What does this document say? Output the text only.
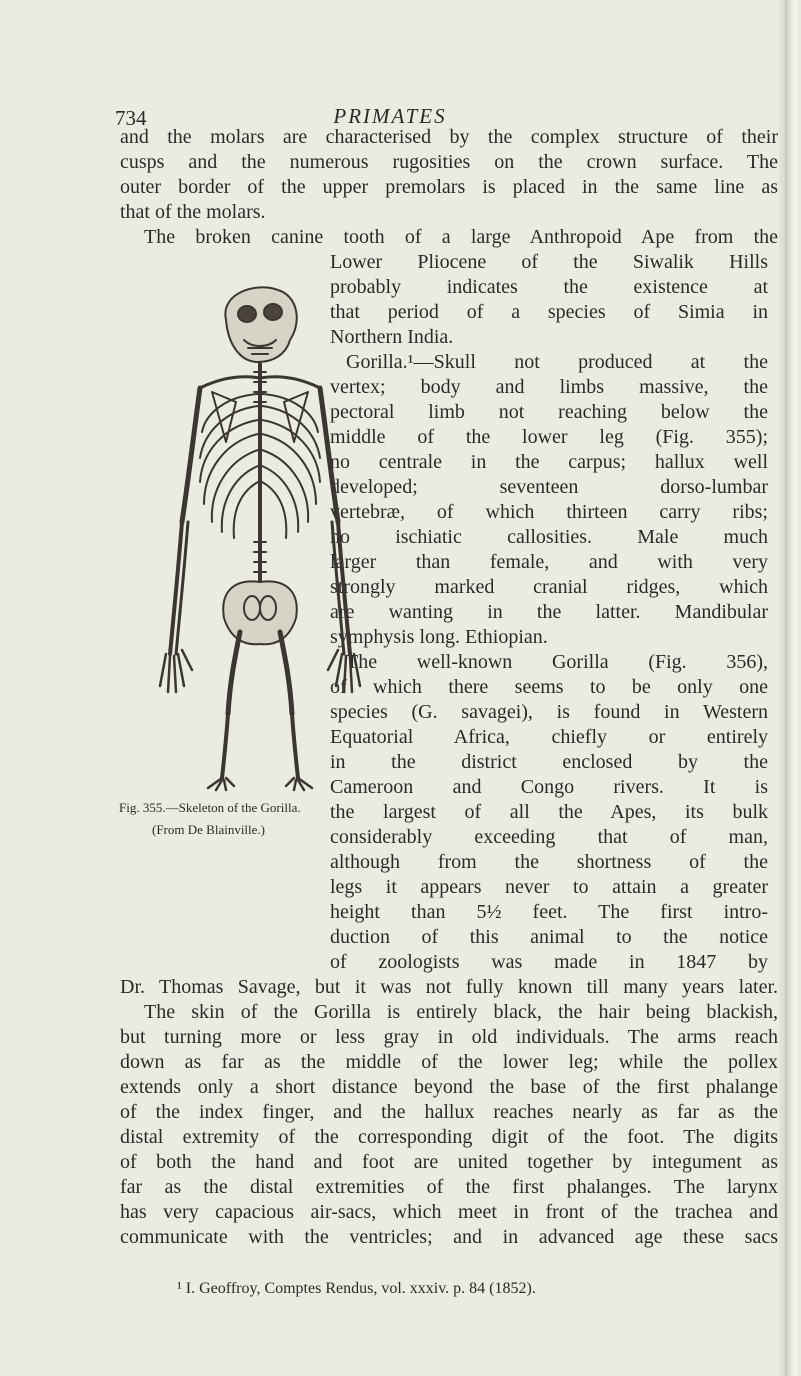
PRIMATES
734
and the molars are characterised by the complex structure of their
cusps and the numerous rugosities on the crown surface. The
outer border of the upper premolars is placed in the same line as
that of the molars.
The broken canine tooth of a large Anthropoid Ape from the
Lower Pliocene of the Siwalik Hills
probably indicates the existence at
that period of a species of Simia in
Northern India.
Gorilla.¹—Skull not produced at the
vertex; body and limbs massive, the
pectoral limb not reaching below the
middle of the lower leg (Fig. 355);
no centrale in the carpus; hallux well
developed; seventeen dorso-lumbar
vertebræ, of which thirteen carry ribs;
no ischiatic callosities. Male much
larger than female, and with very
strongly marked cranial ridges, which
are wanting in the latter. Mandibular
symphysis long. Ethiopian.
The well-known Gorilla (Fig. 356),
of which there seems to be only one
species (G. savagei), is found in Western
Equatorial Africa, chiefly or entirely
in the district enclosed by the
Cameroon and Congo rivers. It is
the largest of all the Apes, its bulk
considerably exceeding that of man,
although from the shortness of the
legs it appears never to attain a greater
height than 5½ feet. The first intro-
duction of this animal to the notice
of zoologists was made in 1847 by
Dr. Thomas Savage, but it was not fully known till many years later.
The skin of the Gorilla is entirely black, the hair being blackish,
but turning more or less gray in old individuals. The arms reach
down as far as the middle of the lower leg; while the pollex
extends only a short distance beyond the base of the first phalange
of the index finger, and the hallux reaches nearly as far as the
distal extremity of the corresponding digit of the foot. The digits
of both the hand and foot are united together by integument as
far as the distal extremities of the first phalanges. The larynx
has very capacious air-sacs, which meet in front of the trachea and
communicate with the ventricles; and in advanced age these sacs
Fig. 355.—Skeleton of the Gorilla.
(From De Blainville.)
¹ I. Geoffroy, Comptes Rendus, vol. xxxiv. p. 84 (1852).
